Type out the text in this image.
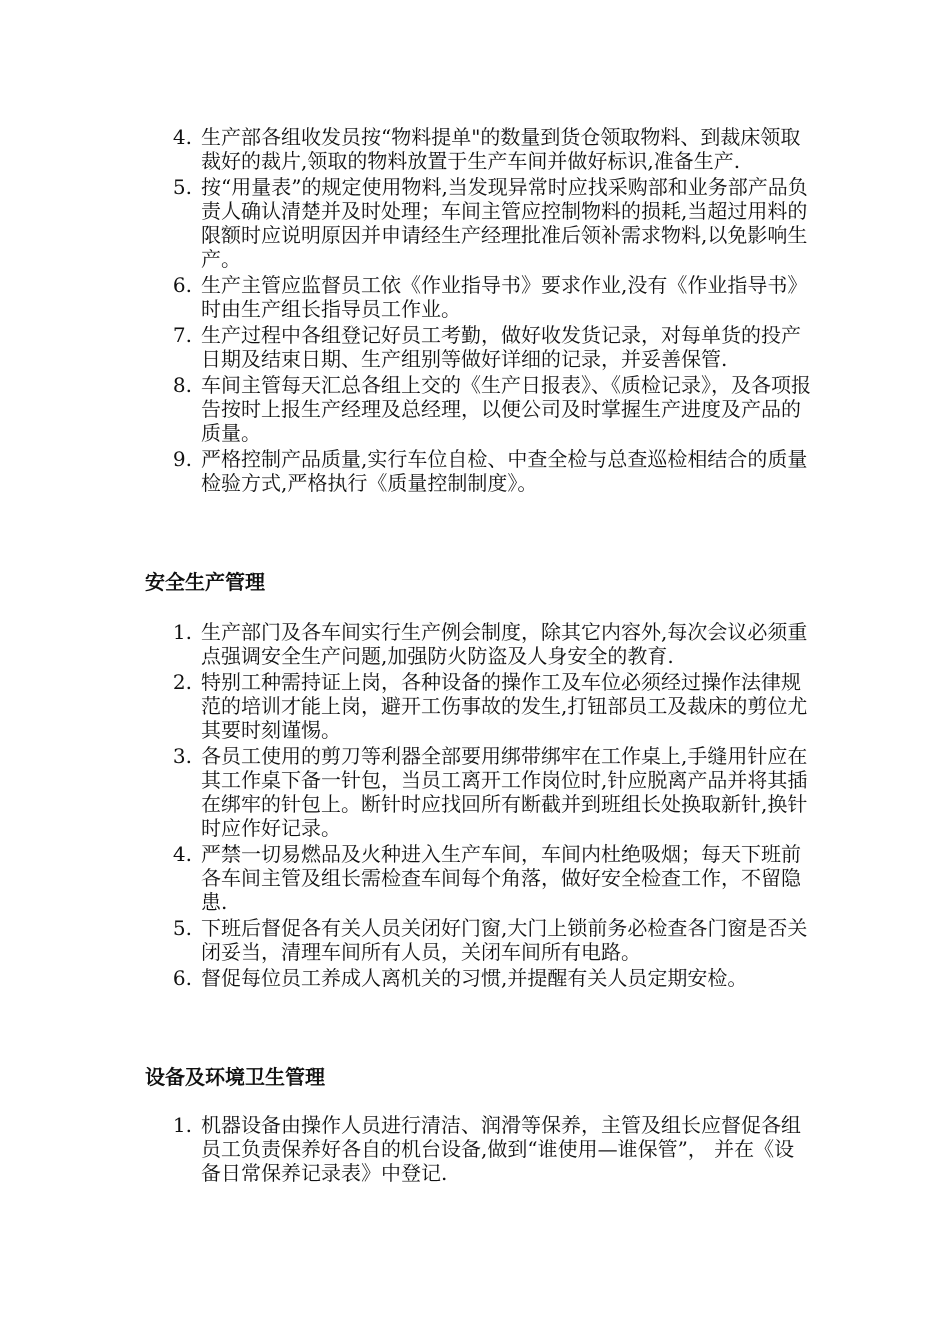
4. 生产部各组收发员按“物料提单"的数量到货仓领取物料、到裁床领取裁好的裁片,领取的物料放置于生产车间并做好标识,准备生产.
5. 按“用量表”的规定使用物料,当发现异常时应找采购部和业务部产品负责人确认清楚并及时处理；车间主管应控制物料的损耗,当超过用料的限额时应说明原因并申请经生产经理批准后领补需求物料,以免影响生产。
6. 生产主管应监督员工依《作业指导书》要求作业,没有《作业指导书》时由生产组长指导员工作业。
7. 生产过程中各组登记好员工考勤，做好收发货记录，对每单货的投产日期及结束日期、生产组别等做好详细的记录，并妥善保管.
8. 车间主管每天汇总各组上交的《生产日报表》、《质检记录》，及各项报告按时上报生产经理及总经理，以便公司及时掌握生产进度及产品的质量。
9. 严格控制产品质量,实行车位自检、中查全检与总查巡检相结合的质量检验方式,严格执行《质量控制制度》。
安全生产管理
1. 生产部门及各车间实行生产例会制度，除其它内容外,每次会议必须重点强调安全生产问题,加强防火防盗及人身安全的教育.
2. 特别工种需持证上岗，各种设备的操作工及车位必须经过操作法律规范的培训才能上岗，避开工伤事故的发生,打钮部员工及裁床的剪位尤其要时刻谨惕。
3. 各员工使用的剪刀等利器全部要用绑带绑牢在工作桌上,手缝用针应在其工作桌下备一针包，当员工离开工作岗位时,针应脱离产品并将其插在绑牢的针包上。断针时应找回所有断截并到班组长处换取新针,换针时应作好记录。
4. 严禁一切易燃品及火种进入生产车间，车间内杜绝吸烟；每天下班前各车间主管及组长需检查车间每个角落，做好安全检查工作，不留隐患.
5. 下班后督促各有关人员关闭好门窗,大门上锁前务必检查各门窗是否关闭妥当，清理车间所有人员，关闭车间所有电路。
6. 督促每位员工养成人离机关的习惯,并提醒有关人员定期安检。
设备及环境卫生管理
1. 机器设备由操作人员进行清洁、润滑等保养，主管及组长应督促各组员工负责保养好各自的机台设备,做到“谁使用—谁保管”， 并在《设备日常保养记录表》中登记.
